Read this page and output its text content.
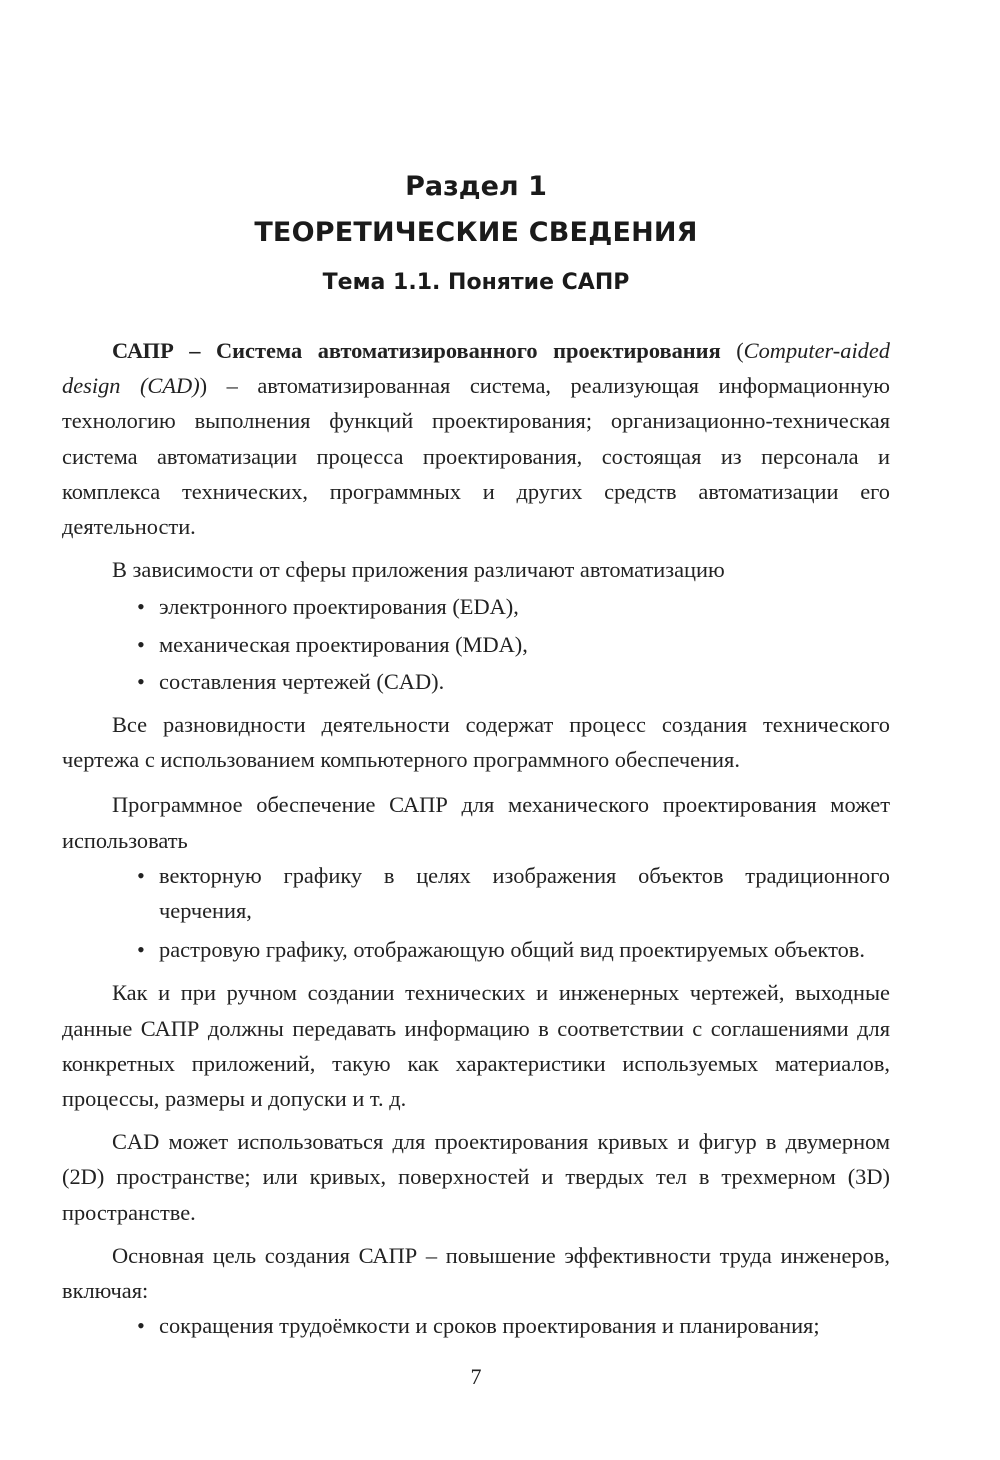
Раздел 1
ТЕОРЕТИЧЕСКИЕ СВЕДЕНИЯ
Тема 1.1. Понятие САПР

САПР – Система автоматизированного проектирования (Computer-aided design (CAD)) – автоматизированная система, реализующая информационную технологию выполнения функций проектирования; организационно-техническая система автоматизации процесса проектирования, состоящая из персонала и комплекса технических, программных и других средств автоматизации его деятельности.

В зависимости от сферы приложения различают автоматизацию

• электронного проектирования (EDA),
• механическая проектирования (MDA),
• составления чертежей (CAD).

Все разновидности деятельности содержат процесс создания технического чертежа с использованием компьютерного программного обеспечения.

Программное обеспечение САПР для механического проектирования может использовать

• векторную графику в целях изображения объектов традиционного черчения,
• растровую графику, отображающую общий вид проектируемых объектов.

Как и при ручном создании технических и инженерных чертежей, выходные данные САПР должны передавать информацию в соответствии с соглашениями для конкретных приложений, такую как характеристики используемых материалов, процессы, размеры и допуски и т. д.

CAD может использоваться для проектирования кривых и фигур в двумерном (2D) пространстве; или кривых, поверхностей и твердых тел в трехмерном (3D) пространстве.

Основная цель создания САПР – повышение эффективности труда инженеров, включая:

• сокращения трудоёмкости и сроков проектирования и планирования;
7
